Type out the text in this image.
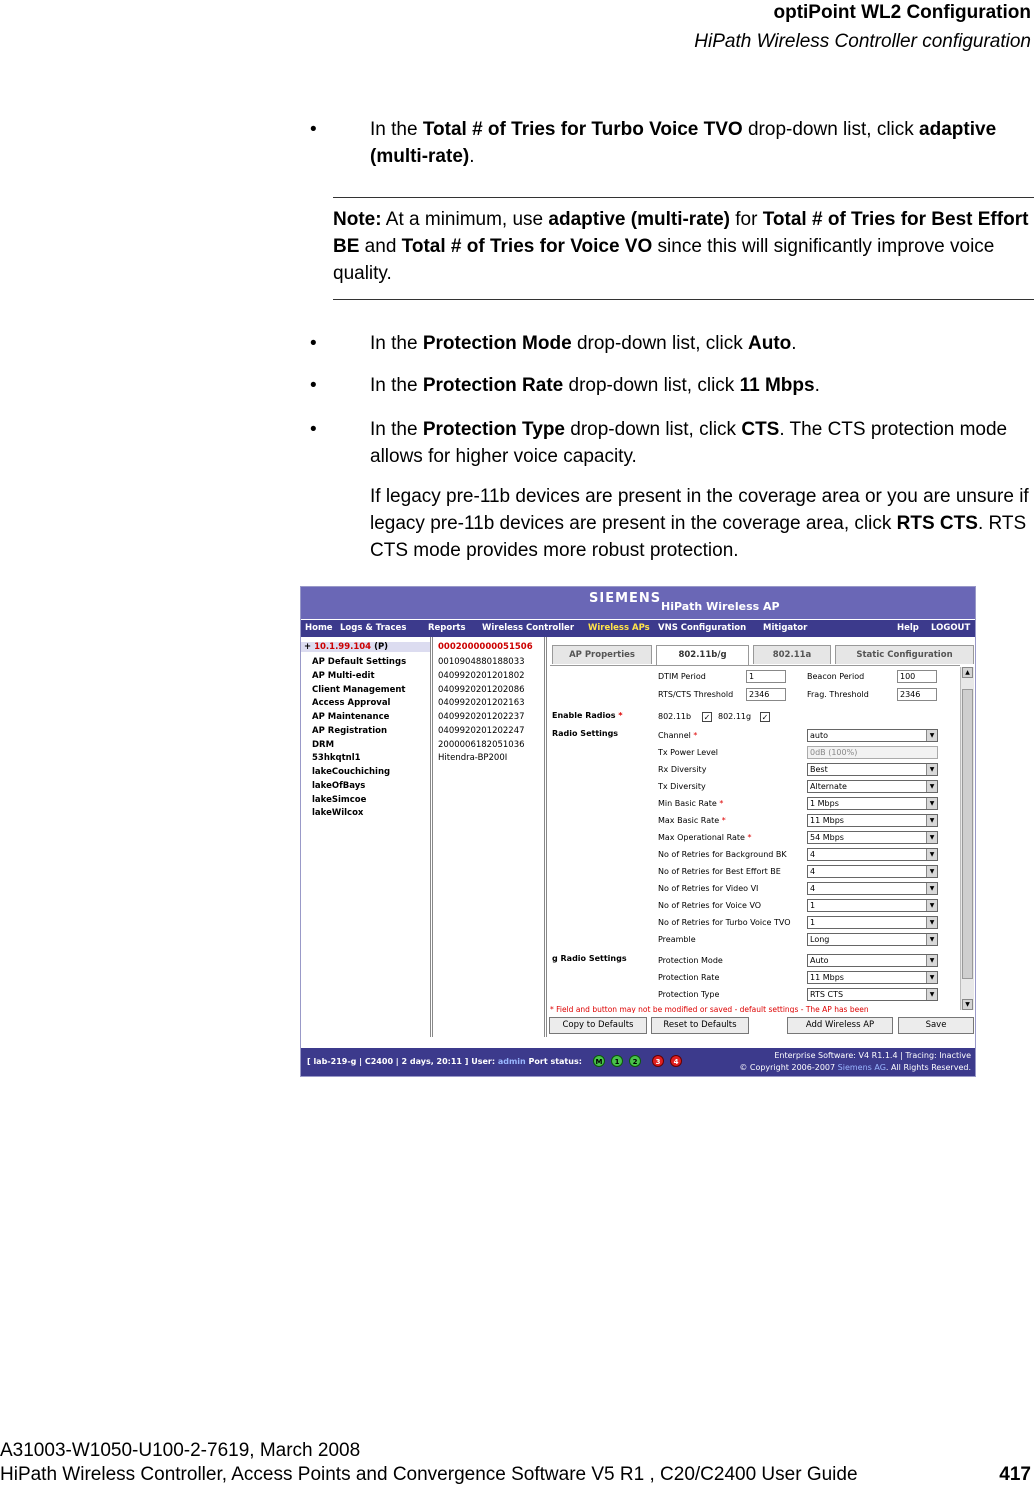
optiPoint WL2 Configuration
HiPath Wireless Controller configuration
•	In the Total # of Tries for Turbo Voice TVO drop-down list, click adaptive (multi-rate).
Note: At a minimum, use adaptive (multi-rate) for Total # of Tries for Best Effort BE and Total # of Tries for Voice VO since this will significantly improve voice quality.
•	In the Protection Mode drop-down list, click Auto.
•	In the Protection Rate drop-down list, click 11 Mbps.
•	In the Protection Type drop-down list, click CTS. The CTS protection mode allows for higher voice capacity.
If legacy pre-11b devices are present in the coverage area or you are unsure if legacy pre-11b devices are present in the coverage area, click RTS CTS. RTS CTS mode provides more robust protection.
SIEMENS
HiPath Wireless AP
Home Logs & Traces	Reports Wireless Controller Wireless APs VNS Configuration Mitigator	Help LOGOUT
+ 10.1.99.104 (P)
AP Default Settings
AP Multi-edit
Client Management
Access Approval
AP Maintenance
AP Registration
DRM
53hkqtnl1
lakeCouchiching
lakeOfBays
lakeSimcoe
lakeWilcox
0002000000051506
0010904880188033
0409920201201802
0409920201202086
0409920201202163
0409920201202237
0409920201202247
2000006182051036
Hitendra-BP200I
AP Properties	802.11b/g	802.11a	Static Configuration
DTIM Period	1	Beacon Period	100
RTS/CTS Threshold	2346	Frag. Threshold	2346
Enable Radios *	802.11b ✓ 802.11g ✓
Radio Settings
g Radio Settings
Channel *	auto	▼
Tx Power Level	0dB (100%)
Rx Diversity	Best	▼
Tx Diversity	Alternate	▼
Min Basic Rate *	1 Mbps	▼
Max Basic Rate *	11 Mbps	▼
Max Operational Rate *	54 Mbps	▼
No of Retries for Background BK	4	▼
No of Retries for Best Effort BE	4	▼
No of Retries for Video VI	4	▼
No of Retries for Voice VO	1	▼
No of Retries for Turbo Voice TVO	1	▼
Preamble	Long	▼
Protection Mode	Auto	▼
Protection Rate	11 Mbps	▼
Protection Type	RTS CTS	▼
▲
▼
* Field and button may not be modified or saved - default settings - The AP has been
Copy to Defaults	Reset to Defaults	Add Wireless AP	Save
[ lab-219-g | C2400 | 2 days, 20:11 ] User: admin Port status:	M	1	2	3	4
Enterprise Software: V4 R1.1.4 | Tracing: Inactive
© Copyright 2006-2007 Siemens AG. All Rights Reserved.
A31003-W1050-U100-2-7619, March 2008
HiPath Wireless Controller, Access Points and Convergence Software V5 R1 , C20/C2400 User Guide	417
